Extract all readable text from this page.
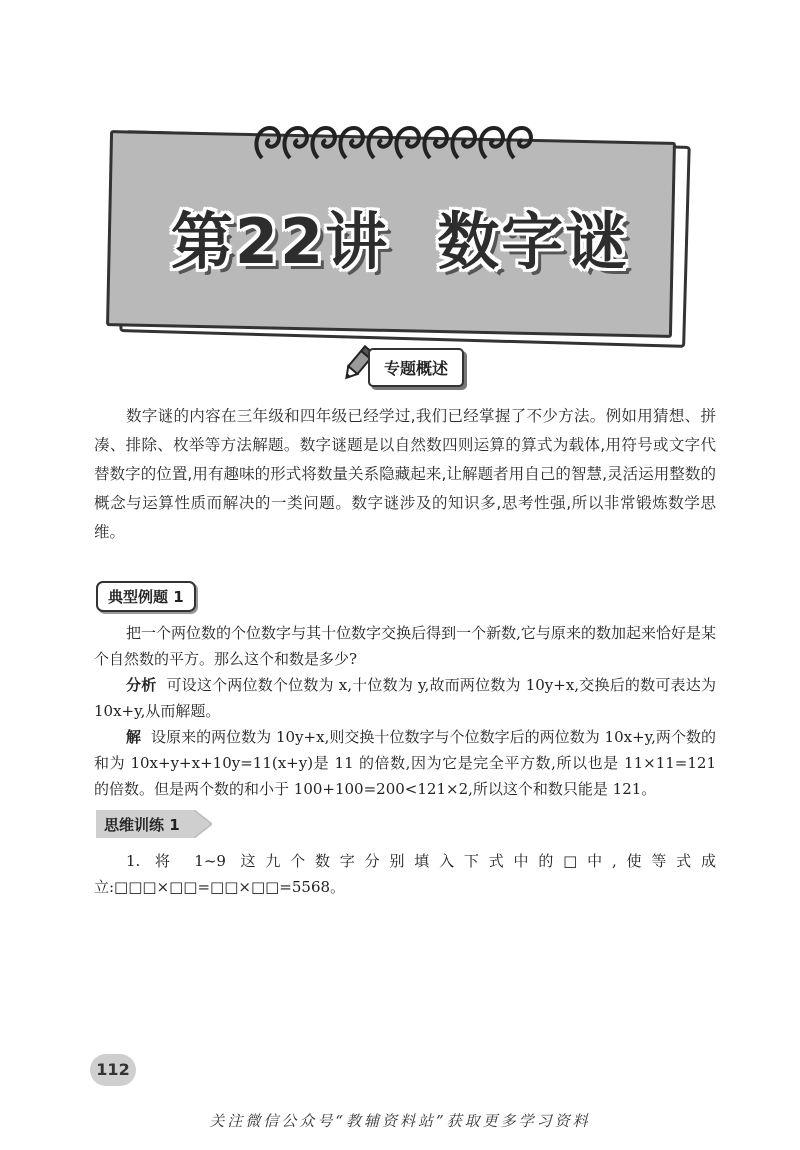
第22讲 数字谜
专题概述

数字谜的内容在三年级和四年级已经学过,我们已经掌握了不少方法。例如用猜想、拼凑、排除、枚举等方法解题。数字谜题是以自然数四则运算的算式为载体,用符号或文字代替数字的位置,用有趣味的形式将数量关系隐藏起来,让解题者用自己的智慧,灵活运用整数的概念与运算性质而解决的一类问题。数字谜涉及的知识多,思考性强,所以非常锻炼数学思维。

典型例题 1

把一个两位数的个位数字与其十位数字交换后得到一个新数,它与原来的数加起来恰好是某个自然数的平方。那么这个和数是多少?

分析 可设这个两位数个位数为 x,十位数为 y,故而两位数为 10y+x,交换后的数可表达为 10x+y,从而解题。

解 设原来的两位数为 10y+x,则交换十位数字与个位数字后的两位数为 10x+y,两个数的和为 10x+y+x+10y=11(x+y)是 11 的倍数,因为它是完全平方数,所以也是 11×11=121 的倍数。但是两个数的和小于 100+100=200<121×2,所以这个和数只能是 121。

思维训练 1

1. 将 1~9 这九个数字分别填入下式中的□中,使等式成立:□□□×□□=□□×□□=5568。

112
关注微信公众号“教辅资料站”获取更多学习资料
